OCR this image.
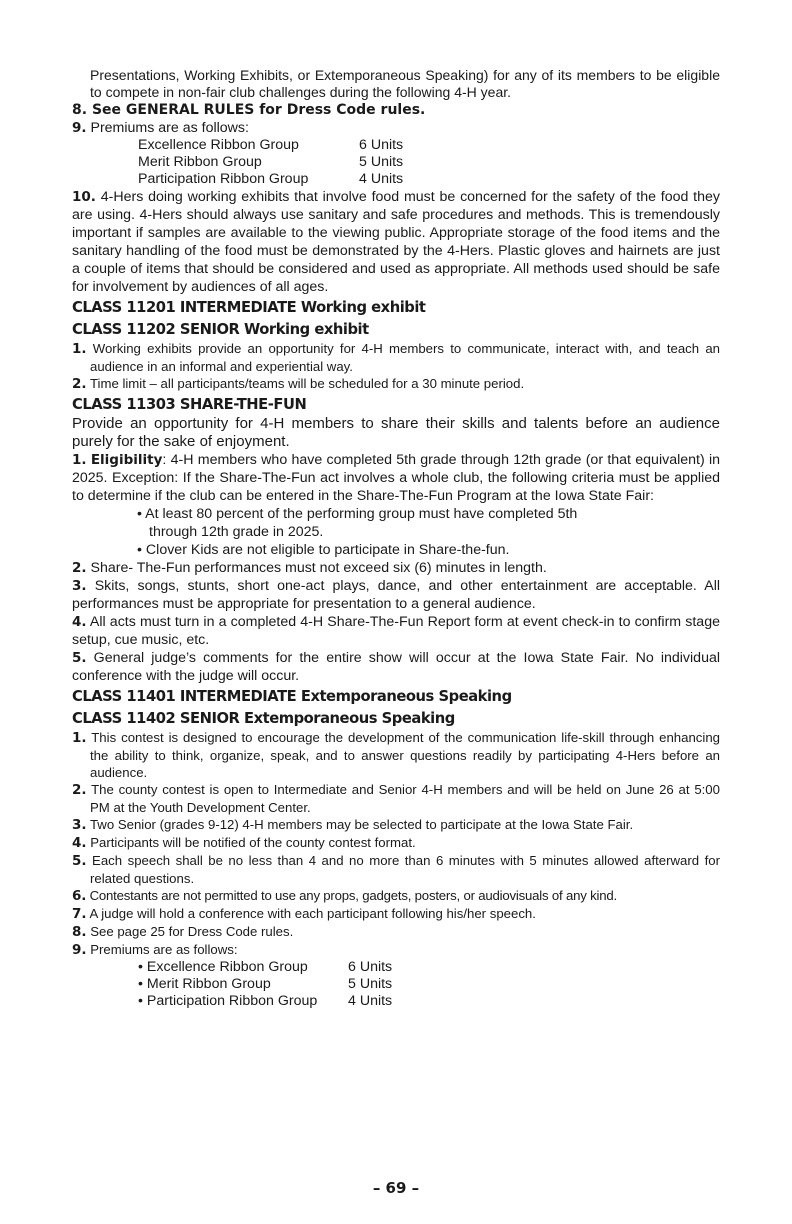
Presentations, Working Exhibits, or Extemporaneous Speaking) for any of its members to be eligible to compete in non-fair club challenges during the following 4-H year.

8. See GENERAL RULES for Dress Code rules.

9. Premiums are as follows:

Excellence Ribbon Group	6 Units
Merit Ribbon Group	5 Units
Participation Ribbon Group	4 Units

10. 4-Hers doing working exhibits that involve food must be concerned for the safety of the food they are using. 4-Hers should always use sanitary and safe procedures and methods. This is tremendously important if samples are available to the viewing public. Appropriate storage of the food items and the sanitary handling of the food must be demonstrated by the 4-Hers. Plastic gloves and hairnets are just a couple of items that should be considered and used as appropriate. All methods used should be safe for involvement by audiences of all ages.

CLASS 11201 INTERMEDIATE Working exhibit

CLASS 11202 SENIOR Working exhibit

1. Working exhibits provide an opportunity for 4-H members to communicate, interact with, and teach an audience in an informal and experiential way.

2. Time limit – all participants/teams will be scheduled for a 30 minute period.

CLASS 11303 SHARE-THE-FUN

Provide an opportunity for 4-H members to share their skills and talents before an audience purely for the sake of enjoyment.

1. Eligibility: 4-H members who have completed 5th grade through 12th grade (or that equivalent) in 2025. Exception: If the Share-The-Fun act involves a whole club, the following criteria must be applied to determine if the club can be entered in the Share-The-Fun Program at the Iowa State Fair:

• At least 80 percent of the performing group must have completed 5th
through 12th grade in 2025.
• Clover Kids are not eligible to participate in Share-the-fun.

2. Share- The-Fun performances must not exceed six (6) minutes in length.

3. Skits, songs, stunts, short one-act plays, dance, and other entertainment are acceptable. All performances must be appropriate for presentation to a general audience.

4. All acts must turn in a completed 4-H Share-The-Fun Report form at event check-in to confirm stage setup, cue music, etc.

5. General judge’s comments for the entire show will occur at the Iowa State Fair. No individual conference with the judge will occur.

CLASS 11401 INTERMEDIATE Extemporaneous Speaking

CLASS 11402 SENIOR Extemporaneous Speaking

1. This contest is designed to encourage the development of the communication life-skill through enhancing the ability to think, organize, speak, and to answer questions readily by participating 4-Hers before an audience.

2. The county contest is open to Intermediate and Senior 4-H members and will be held on June 26 at 5:00 PM at the Youth Development Center.

3. Two Senior (grades 9-12) 4-H members may be selected to participate at the Iowa State Fair.

4. Participants will be notified of the county contest format.

5. Each speech shall be no less than 4 and no more than 6 minutes with 5 minutes allowed afterward for related questions.

6. Contestants are not permitted to use any props, gadgets, posters, or audiovisuals of any kind.

7. A judge will hold a conference with each participant following his/her speech.

8. See page 25 for Dress Code rules.

9. Premiums are as follows:

• Excellence Ribbon Group	6 Units
• Merit Ribbon Group	5 Units
• Participation Ribbon Group	4 Units
– 69 –
